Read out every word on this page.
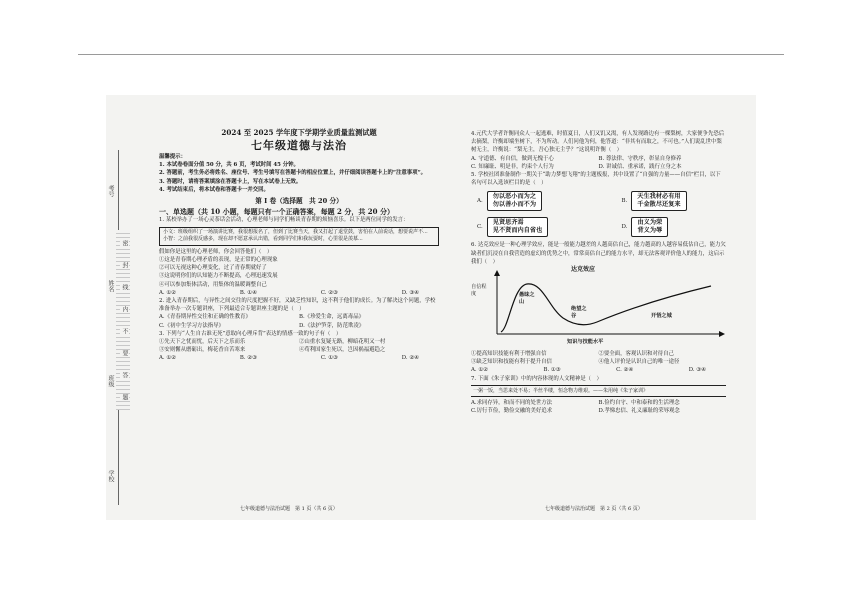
考号
姓名
班级
学校
密
封
线
内
不
要
答
题
2024 至 2025 学年度下学期学业质量监测试题
七年级道德与法治
温馨提示：
1. 本试卷卷面分值 50 分，共 6 页，考试时间 45 分钟。
2. 答题前，考生务必将姓名、座位号、考生号填写在答题卡的相应位置上，并仔细阅读答题卡上的“注意事项”。
3. 答题时，请将答案填涂在答题卡上，写在本试卷上无效。
4. 考试结束后，将本试卷和答题卡一并交回。
第 I 卷（选择题　共 20 分）
一、单选题（共 10 小题，每题只有一个正确答案，每题 2 分，共 20 分）
1. 某校举办了一场心灵茶话会活动，心理老师与同学们畅谈青春期的烦恼喜乐。以下是两位同学的发言：
小文：班级组织了一场演讲比赛，我很想报名了，但到了比赛当天，我又打起了退堂鼓，害怕在人前说话，想要说声不...
小智：之前我很反感多，现在却不愿意承认出错，看到同学们和我玩耍时，心里很是羡慕...
假如你是这里的心理老师，你会回答他们（　）
①这是青春期心理矛盾的表现，是正常的心理现象
②可以无视这种心理变化，过了青春期就好了
③这说明你们的认知能力不断提高，心理迅速发展
④可以参加集体活动，用集体的温暖调整自己
A. ①②	B. ①④	C. ②③	D. ③④
2. 进入青春期后，与异性之间交往的尺度把握不好，又缺乏性知识，这不利于他们的成长。为了解决这个问题，学校准备举办一次专题讲座，下列最适合专题讲座主题的是（　）
A.《青春期异性交往和正确的性教育》	B.《珍爱生命，远离毒品》
C.《初中生学习方法指导》	D.《法护笋芽，防范欺凌》
3. 下列与“人生自古谁无死”意取向心理斥背”表达的情感一致的句子有（　）
①先天下之忧而忧，后天下之乐而乐	②山重水复疑无路，柳暗花明又一村
③安则懈从磨砺出，梅花香自苦寒来	④苟利国家生死以，岂因祸福避趋之
A. ①②	B. ②③	C. ①③	D. ②④
七年级道德与法治试题　第 1 页（共 6 页）
4.元代大学者许衡同众人一起逃难，时值夏日，人们又饥又渴，有人发现路边有一棵梨树，大家便争先恐后去摘梨，许衡却端坐树下，不为所动。人们问他为何，他答道：“非其有而取之，不可也。”人们说乱世中梨树无主，许衡说：“梨无主，吾心独无主乎？”这说明许衡（　）
A. 守道德、有自信，做到无愧于心	B. 尊法律、守秩序，彰显自身修养
C. 知廉耻、明是非，约束个人行为	D. 讲诚信、重承诺，践行立身之本
5. 学校社团准备制作一期关于“助力梦想飞翔”的主题板报，其中设置了“自强的力量——自信”栏目，以下名句可以入选该栏目的是（　）
A.
勿以恶小而为之
勿以善小而不为
B.
天生我材必有用
千金散尽还复来
C.
见贤思齐焉
见不贤而内自省也
D.
由义为荣
背义为辱
6. 达克效应是一种心理学效应，能是一般能力越差的人越高估自己，能力越高的人越容易低估自己，能力欠缺者们沉浸在自我营造的虚幻的优势之中，常常高估自己的能力水平，却无法客观评价他人的能力，这启示我们（　）
达克效应
自信程度	愚昧之山
绝望之谷	开悟之城
知识与技能水平
①提高知识技能有利于增强自信	②要全面，客观认识和对待自己
③缺乏知识和技能有利于提升自信	④他人评价是认识自己的唯一途径
A. ①②	B. ①③	C. ②④	D. ③④
7. 下面《朱子家训》中的内容体现的人文精神是（　）
一粥一饭，当思来处不易；半丝半缕，恒念物力维艰。——朱用纯《朱子家训》
A.求同存异，和而不同的处世方法	B.俭约自守、中和泰和的生活理念
C.厉行节俭，勤俭交融的美好追求	D.孝悌忠信、礼义廉耻的荣辱观念
七年级道德与法治试题　第 2 页（共 6 页）
